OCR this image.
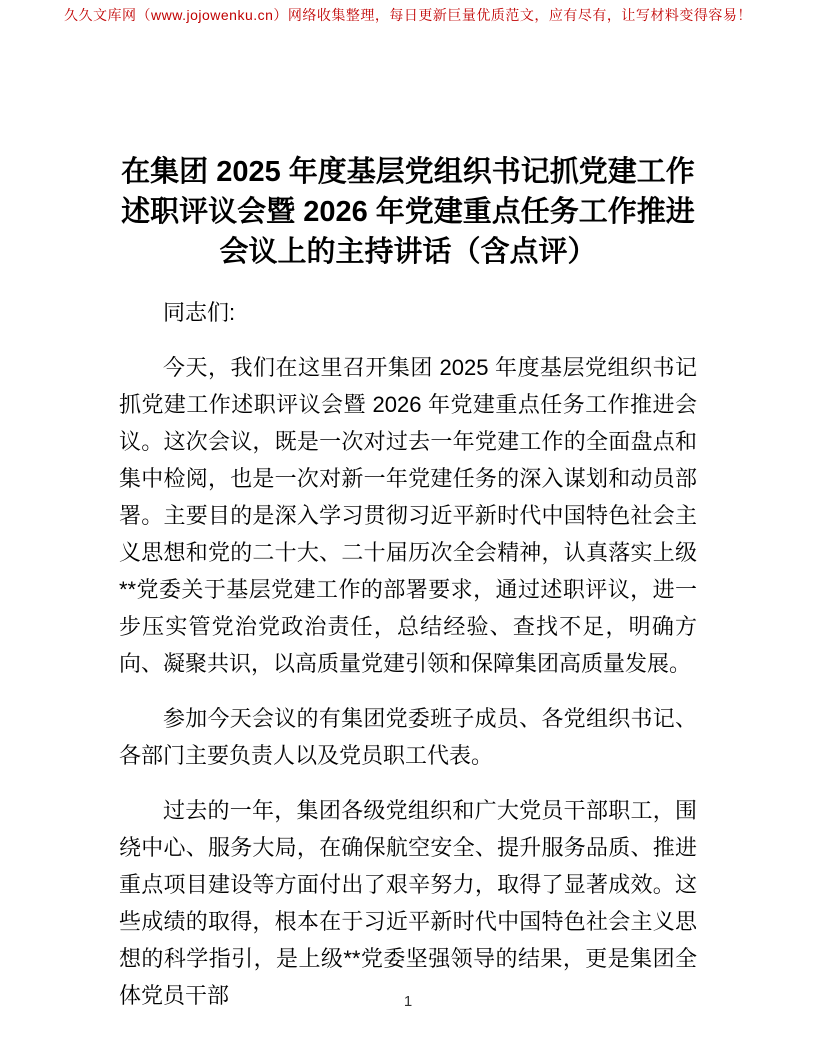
久久文库网（www.jojowenku.cn）网络收集整理，每日更新巨量优质范文，应有尽有，让写材料变得容易！
在集团 2025 年度基层党组织书记抓党建工作
述职评议会暨 2026 年党建重点任务工作推进
会议上的主持讲话（含点评）

同志们:

今天，我们在这里召开集团 2025 年度基层党组织书记抓党建工作述职评议会暨 2026 年党建重点任务工作推进会议。这次会议，既是一次对过去一年党建工作的全面盘点和集中检阅，也是一次对新一年党建任务的深入谋划和动员部署。主要目的是深入学习贯彻习近平新时代中国特色社会主义思想和党的二十大、二十届历次全会精神，认真落实上级**党委关于基层党建工作的部署要求，通过述职评议，进一步压实管党治党政治责任，总结经验、查找不足，明确方向、凝聚共识，以高质量党建引领和保障集团高质量发展。

参加今天会议的有集团党委班子成员、各党组织书记、各部门主要负责人以及党员职工代表。

过去的一年，集团各级党组织和广大党员干部职工，围绕中心、服务大局，在确保航空安全、提升服务品质、推进重点项目建设等方面付出了艰辛努力，取得了显著成效。这些成绩的取得，根本在于习近平新时代中国特色社会主义思想的科学指引，是上级**党委坚强领导的结果，更是集团全体党员干部	1
